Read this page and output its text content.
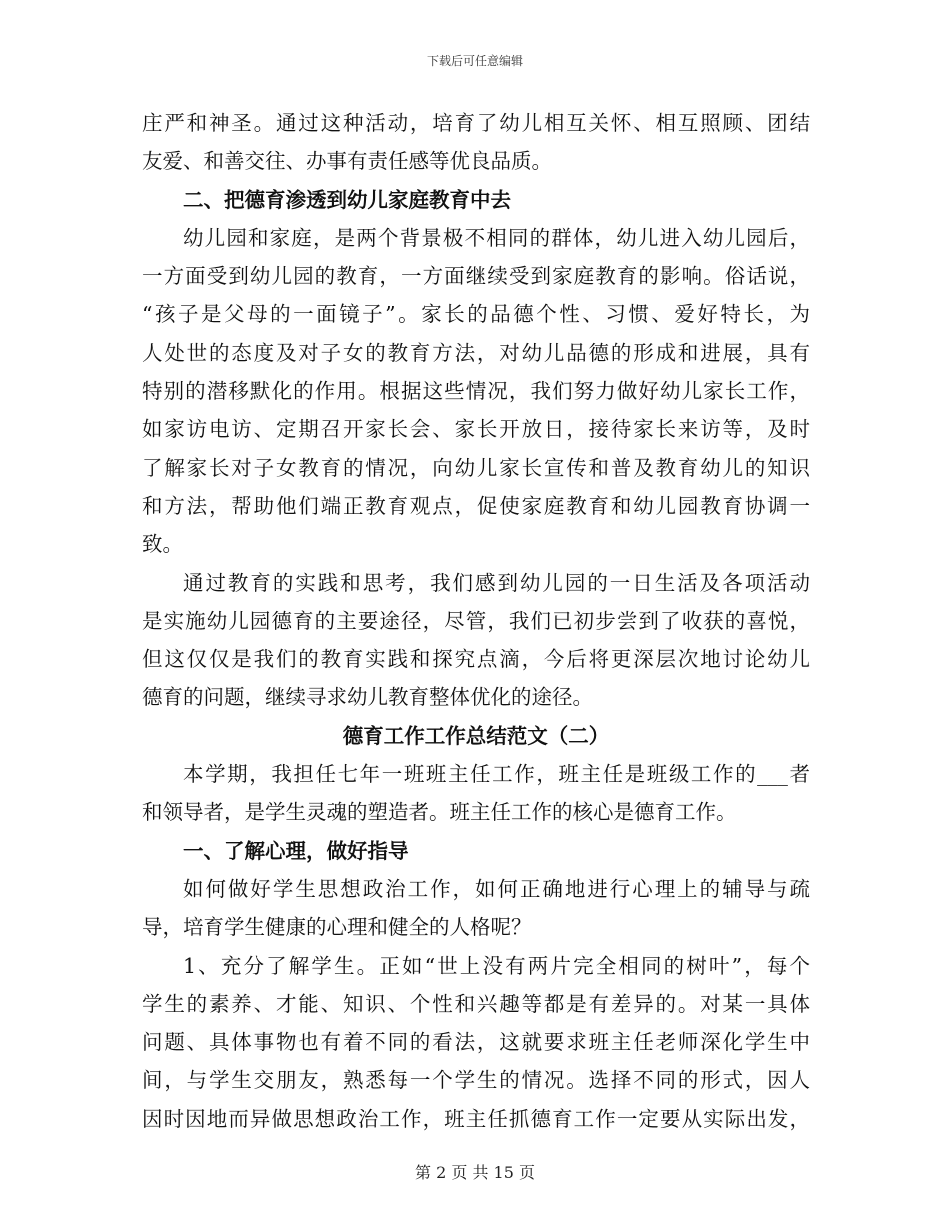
下载后可任意编辑
庄严和神圣。通过这种活动，培育了幼儿相互关怀、相互照顾、团结
友爱、和善交往、办事有责任感等优良品质。
二、把德育渗透到幼儿家庭教育中去
幼儿园和家庭，是两个背景极不相同的群体，幼儿进入幼儿园后，
一方面受到幼儿园的教育，一方面继续受到家庭教育的影响。俗话说，
“孩子是父母的一面镜子”。家长的品德个性、习惯、爱好特长，为
人处世的态度及对子女的教育方法，对幼儿品德的形成和进展，具有
特别的潜移默化的作用。根据这些情况，我们努力做好幼儿家长工作，
如家访电访、定期召开家长会、家长开放日，接待家长来访等，及时
了解家长对子女教育的情况，向幼儿家长宣传和普及教育幼儿的知识
和方法，帮助他们端正教育观点，促使家庭教育和幼儿园教育协调一
致。
通过教育的实践和思考，我们感到幼儿园的一日生活及各项活动
是实施幼儿园德育的主要途径，尽管，我们已初步尝到了收获的喜悦，
但这仅仅是我们的教育实践和探究点滴，今后将更深层次地讨论幼儿
德育的问题，继续寻求幼儿教育整体优化的途径。
德育工作工作总结范文（二）
本学期，我担任七年一班班主任工作，班主任是班级工作的___者
和领导者，是学生灵魂的塑造者。班主任工作的核心是德育工作。
一、了解心理，做好指导
如何做好学生思想政治工作，如何正确地进行心理上的辅导与疏
导，培育学生健康的心理和健全的人格呢？
1、充分了解学生。正如“世上没有两片完全相同的树叶”，每个
学生的素养、才能、知识、个性和兴趣等都是有差异的。对某一具体
问题、具体事物也有着不同的看法，这就要求班主任老师深化学生中
间，与学生交朋友，熟悉每一个学生的情况。选择不同的形式，因人
因时因地而异做思想政治工作，班主任抓德育工作一定要从实际出发，
第 2 页 共 15 页
